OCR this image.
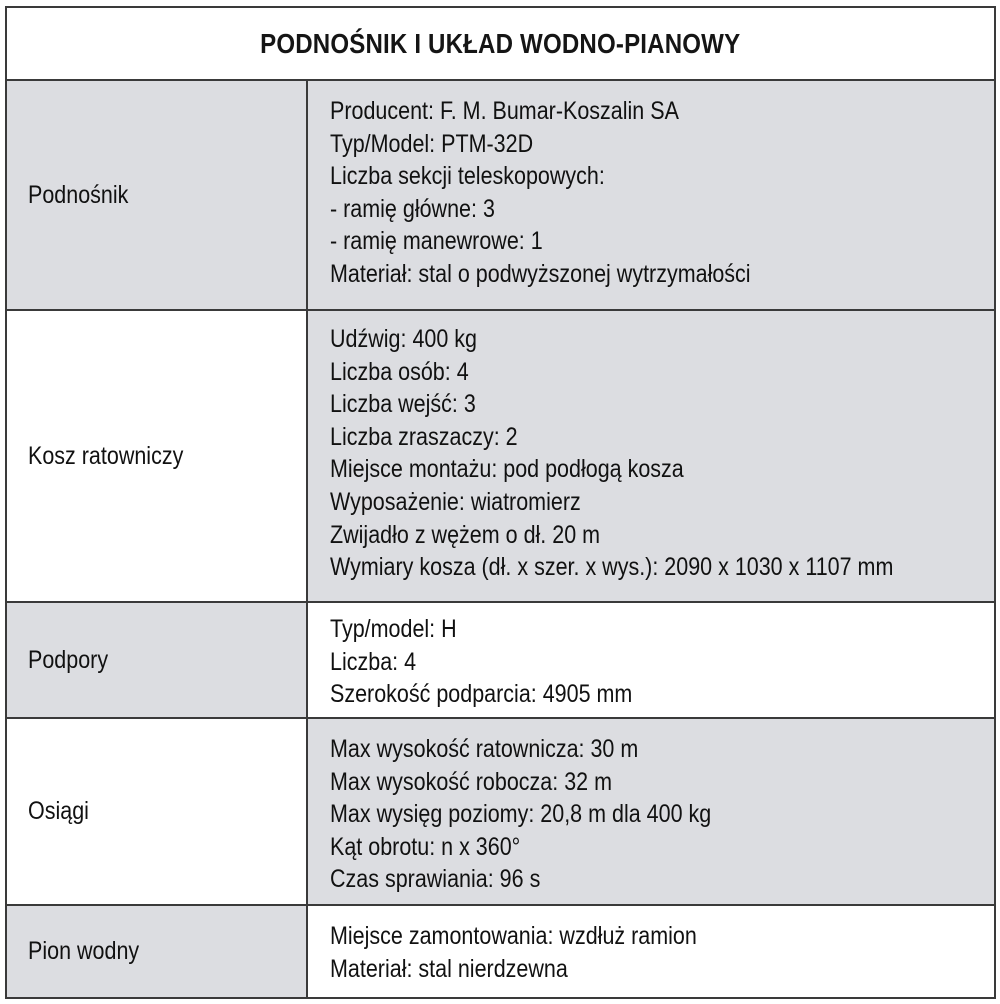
PODNOŚNIK I UKŁAD WODNO-PIANOWY
Podnośnik
Producent: F. M. Bumar-Koszalin SA
Typ/Model: PTM-32D
Liczba sekcji teleskopowych:
- ramię główne: 3
- ramię manewrowe: 1
Materiał: stal o podwyższonej wytrzymałości
Kosz ratowniczy
Udźwig: 400 kg
Liczba osób: 4
Liczba wejść: 3
Liczba zraszaczy: 2
Miejsce montażu: pod podłogą kosza
Wyposażenie: wiatromierz
Zwijadło z wężem o dł. 20 m
Wymiary kosza (dł. x szer. x wys.): 2090 x 1030 x 1107 mm
Podpory
Typ/model: H
Liczba: 4
Szerokość podparcia: 4905 mm
Osiągi
Max wysokość ratownicza: 30 m
Max wysokość robocza: 32 m
Max wysięg poziomy: 20,8 m dla 400 kg
Kąt obrotu: n x 360°
Czas sprawiania: 96 s
Pion wodny
Miejsce zamontowania: wzdłuż ramion
Materiał: stal nierdzewna
